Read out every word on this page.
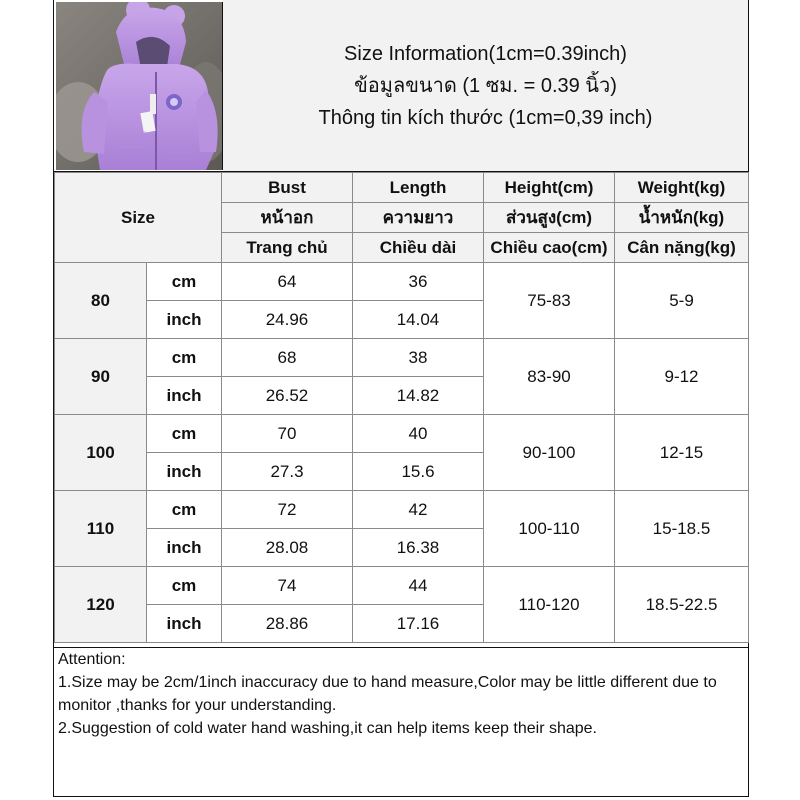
Size Information(1cm=0.39inch)
ข้อมูลขนาด (1 ซม. = 0.39 นิ้ว)
Thông tin kích thước (1cm=0,39 inch)
Size		Bust	Length	Height(cm)	Weight(kg)
		หน้าอก	ความยาว	ส่วนสูง(cm)	น้ำหนัก(kg)
		Trang chủ	Chiều dài	Chiều cao(cm)	Cân nặng(kg)
80	cm	64	36	75-83	5-9
	inch	24.96	14.04		
90	cm	68	38	83-90	9-12
	inch	26.52	14.82		
100	cm	70	40	90-100	12-15
	inch	27.3	15.6		
110	cm	72	42	100-110	15-18.5
	inch	28.08	16.38		
120	cm	74	44	110-120	18.5-22.5
	inch	28.86	17.16		
Attention:
1.Size may be 2cm/1inch inaccuracy due to hand measure,Color may be little different due to monitor ,thanks for your understanding.
2.Suggestion of cold water hand washing,it can help items keep their shape.
